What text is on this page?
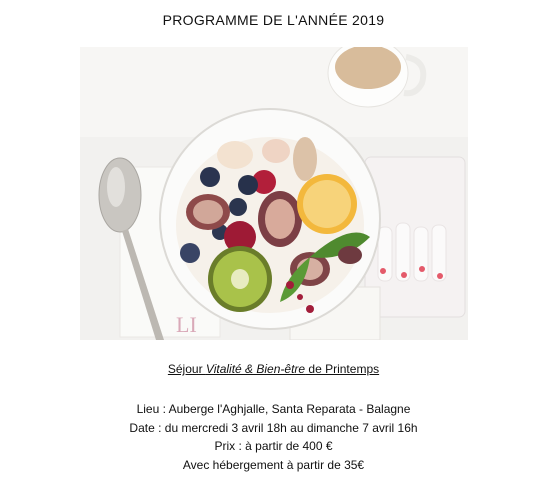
PROGRAMME DE L'ANNÉE 2019
LI
Séjour Vitalité & Bien-être de Printemps
Lieu : Auberge l'Aghjalle, Santa Reparata - Balagne
Date : du mercredi 3 avril 18h au dimanche 7 avril 16h
Prix : à partir de 400 €
Avec hébergement à partir de 35€
